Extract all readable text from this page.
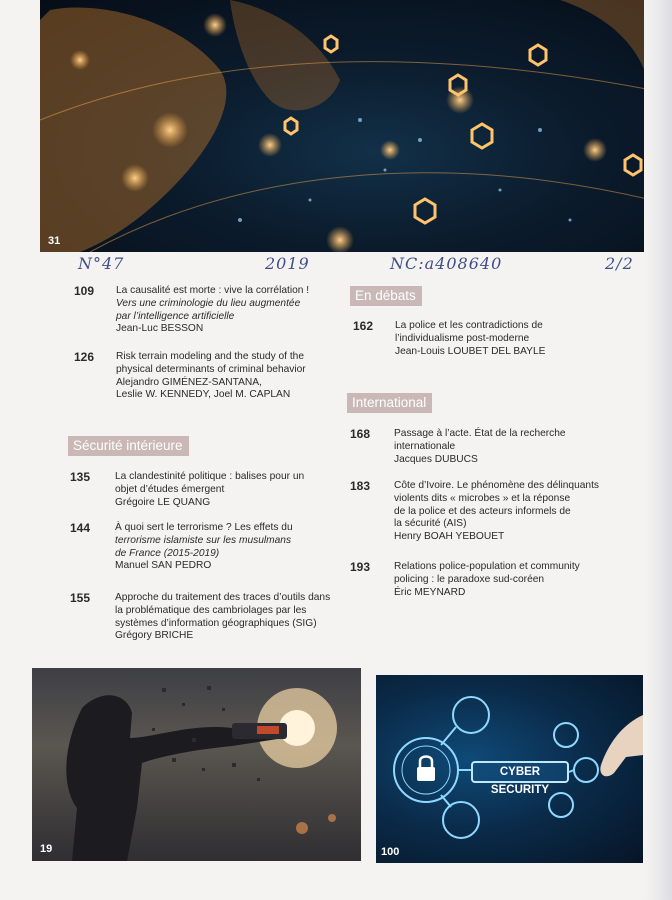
31
N°47	2019	NC:a408640	2/2
109 La causalité est morte : vive la corrélation !
Vers une criminologie du lieu augmentée
par l’intelligence artificielle
Jean-Luc BESSON
126 Risk terrain modeling and the study of the
physical determinants of criminal behavior
Alejandro GIMÉNEZ-SANTANA,
Leslie W. KENNEDY, Joel M. CAPLAN
Sécurité intérieure
135 La clandestinité politique : balises pour un
objet d’études émergent
Grégoire LE QUANG
144 À quoi sert le terrorisme ? Les effets du
terrorisme islamiste sur les musulmans
de France (2015-2019)
Manuel SAN PEDRO
155 Approche du traitement des traces d’outils dans
la problématique des cambriolages par les
systèmes d’information géographiques (SIG)
Grégory BRICHE
En débats
162 La police et les contradictions de
l’individualisme post-moderne
Jean-Louis LOUBET DEL BAYLE
International
168 Passage à l’acte. État de la recherche
internationale
Jacques DUBUCS
183 Côte d’Ivoire. Le phénomène des délinquants
violents dits « microbes » et la réponse
de la police et des acteurs informels de
la sécurité (AIS)
Henry BOAH YEBOUET
193 Relations police-population et community
policing : le paradoxe sud-coréen
Éric MEYNARD
19
CYBER SECURITY
100
